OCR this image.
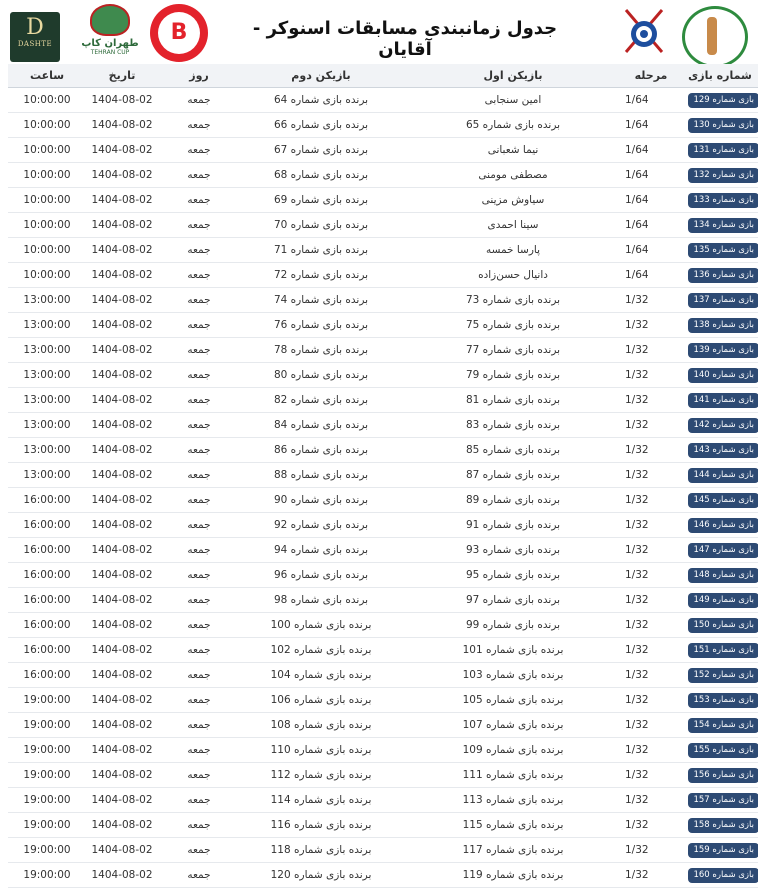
D
DASHTE	طهران کاپ
TEHRAN CUP
B	جدول زمانبندی مسابقات اسنوکر - آقایان
شماره بازی	مرحله	بازیکن اول	بازیکن دوم	روز	تاریخ	ساعت
بازی شماره 129	1/64	امین سنجابی	برنده بازی شماره 64	جمعه	1404-08-02	10:00:00
بازی شماره 130	1/64	برنده بازی شماره 65	برنده بازی شماره 66	جمعه	1404-08-02	10:00:00
بازی شماره 131	1/64	نیما شعبانی	برنده بازی شماره 67	جمعه	1404-08-02	10:00:00
بازی شماره 132	1/64	مصطفی مومنی	برنده بازی شماره 68	جمعه	1404-08-02	10:00:00
بازی شماره 133	1/64	سیاوش مزینی	برنده بازی شماره 69	جمعه	1404-08-02	10:00:00
بازی شماره 134	1/64	سینا احمدی	برنده بازی شماره 70	جمعه	1404-08-02	10:00:00
بازی شماره 135	1/64	پارسا خمسه	برنده بازی شماره 71	جمعه	1404-08-02	10:00:00
بازی شماره 136	1/64	دانیال حسن‌زاده	برنده بازی شماره 72	جمعه	1404-08-02	10:00:00
بازی شماره 137	1/32	برنده بازی شماره 73	برنده بازی شماره 74	جمعه	1404-08-02	13:00:00
بازی شماره 138	1/32	برنده بازی شماره 75	برنده بازی شماره 76	جمعه	1404-08-02	13:00:00
بازی شماره 139	1/32	برنده بازی شماره 77	برنده بازی شماره 78	جمعه	1404-08-02	13:00:00
بازی شماره 140	1/32	برنده بازی شماره 79	برنده بازی شماره 80	جمعه	1404-08-02	13:00:00
بازی شماره 141	1/32	برنده بازی شماره 81	برنده بازی شماره 82	جمعه	1404-08-02	13:00:00
بازی شماره 142	1/32	برنده بازی شماره 83	برنده بازی شماره 84	جمعه	1404-08-02	13:00:00
بازی شماره 143	1/32	برنده بازی شماره 85	برنده بازی شماره 86	جمعه	1404-08-02	13:00:00
بازی شماره 144	1/32	برنده بازی شماره 87	برنده بازی شماره 88	جمعه	1404-08-02	13:00:00
بازی شماره 145	1/32	برنده بازی شماره 89	برنده بازی شماره 90	جمعه	1404-08-02	16:00:00
بازی شماره 146	1/32	برنده بازی شماره 91	برنده بازی شماره 92	جمعه	1404-08-02	16:00:00
بازی شماره 147	1/32	برنده بازی شماره 93	برنده بازی شماره 94	جمعه	1404-08-02	16:00:00
بازی شماره 148	1/32	برنده بازی شماره 95	برنده بازی شماره 96	جمعه	1404-08-02	16:00:00
بازی شماره 149	1/32	برنده بازی شماره 97	برنده بازی شماره 98	جمعه	1404-08-02	16:00:00
بازی شماره 150	1/32	برنده بازی شماره 99	برنده بازی شماره 100	جمعه	1404-08-02	16:00:00
بازی شماره 151	1/32	برنده بازی شماره 101	برنده بازی شماره 102	جمعه	1404-08-02	16:00:00
بازی شماره 152	1/32	برنده بازی شماره 103	برنده بازی شماره 104	جمعه	1404-08-02	16:00:00
بازی شماره 153	1/32	برنده بازی شماره 105	برنده بازی شماره 106	جمعه	1404-08-02	19:00:00
بازی شماره 154	1/32	برنده بازی شماره 107	برنده بازی شماره 108	جمعه	1404-08-02	19:00:00
بازی شماره 155	1/32	برنده بازی شماره 109	برنده بازی شماره 110	جمعه	1404-08-02	19:00:00
بازی شماره 156	1/32	برنده بازی شماره 111	برنده بازی شماره 112	جمعه	1404-08-02	19:00:00
بازی شماره 157	1/32	برنده بازی شماره 113	برنده بازی شماره 114	جمعه	1404-08-02	19:00:00
بازی شماره 158	1/32	برنده بازی شماره 115	برنده بازی شماره 116	جمعه	1404-08-02	19:00:00
بازی شماره 159	1/32	برنده بازی شماره 117	برنده بازی شماره 118	جمعه	1404-08-02	19:00:00
بازی شماره 160	1/32	برنده بازی شماره 119	برنده بازی شماره 120	جمعه	1404-08-02	19:00:00
